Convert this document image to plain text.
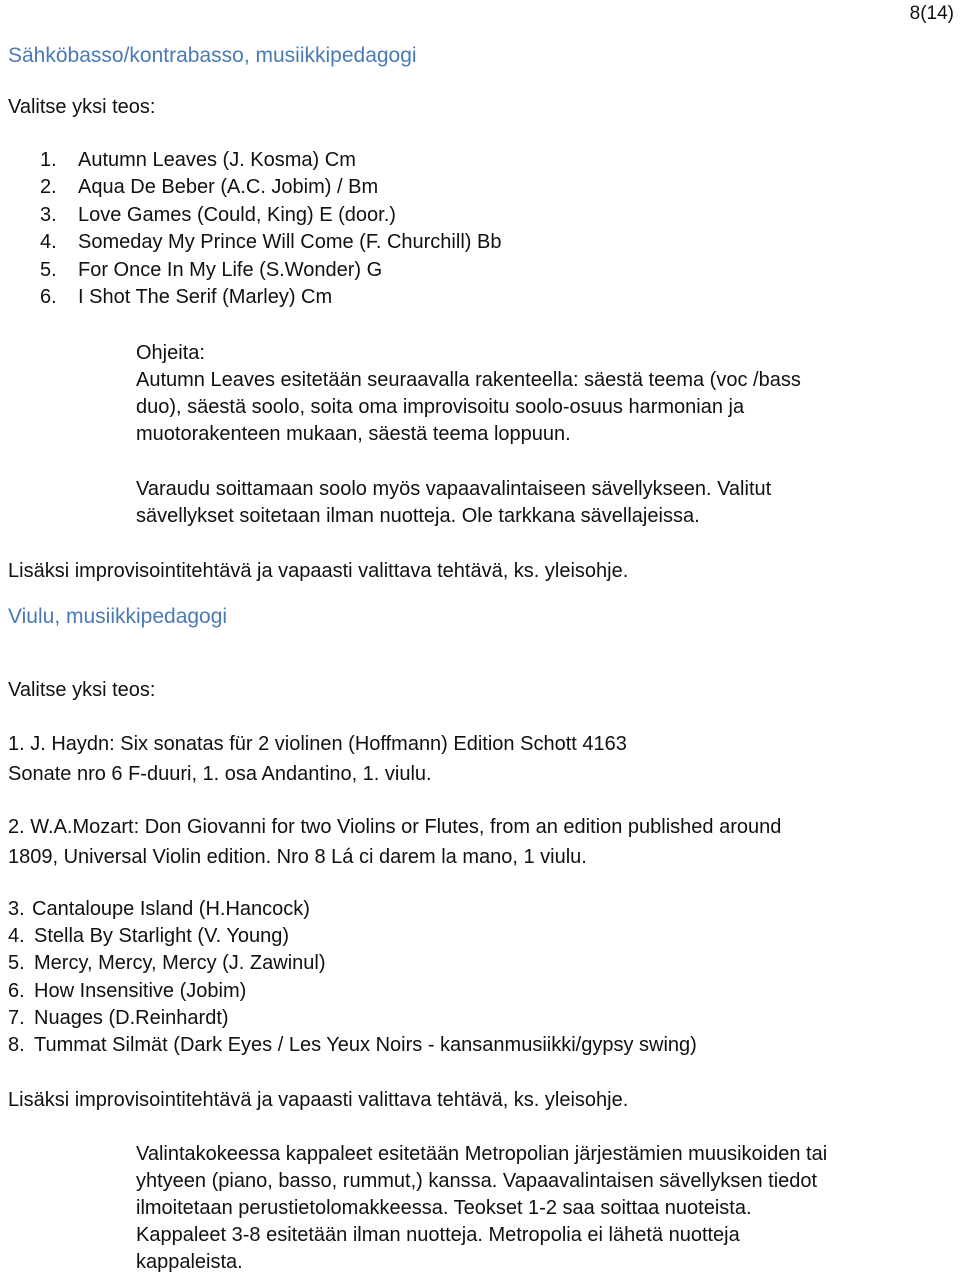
8(14)
Sähköbasso/kontrabasso, musiikkipedagogi
Valitse yksi teos:
1. Autumn Leaves (J. Kosma) Cm
2. Aqua De Beber (A.C. Jobim) / Bm
3. Love Games (Could, King) E (door.)
4. Someday My Prince Will Come (F. Churchill) Bb
5. For Once In My Life (S.Wonder) G
6. I Shot The Serif (Marley) Cm
Ohjeita:
Autumn Leaves esitetään seuraavalla rakenteella: säestä teema (voc /bass
duo), säestä soolo, soita oma improvisoitu soolo-osuus harmonian ja
muotorakenteen mukaan, säestä teema loppuun.
Varaudu soittamaan soolo myös vapaavalintaiseen sävellykseen. Valitut
sävellykset soitetaan ilman nuotteja. Ole tarkkana sävellajeissa.
Lisäksi improvisointitehtävä ja vapaasti valittava tehtävä, ks. yleisohje.
Viulu, musiikkipedagogi
Valitse yksi teos:
1. J. Haydn: Six sonatas für 2 violinen (Hoffmann) Edition Schott 4163
Sonate nro 6 F-duuri, 1. osa Andantino, 1. viulu.
2. W.A.Mozart: Don Giovanni for two Violins or Flutes, from an edition published around
1809, Universal Violin edition. Nro 8 Lá ci darem la mano, 1 viulu.
3. Cantaloupe Island (H.Hancock)
4. Stella By Starlight (V. Young)
5. Mercy, Mercy, Mercy (J. Zawinul)
6. How Insensitive (Jobim)
7. Nuages (D.Reinhardt)
8. Tummat Silmät (Dark Eyes / Les Yeux Noirs - kansanmusiikki/gypsy swing)
Lisäksi improvisointitehtävä ja vapaasti valittava tehtävä, ks. yleisohje.
Valintakokeessa kappaleet esitetään Metropolian järjestämien muusikoiden tai
yhtyeen (piano, basso, rummut,) kanssa. Vapaavalintaisen sävellyksen tiedot
ilmoitetaan perustietolomakkeessa. Teokset 1-2 saa soittaa nuoteista.
Kappaleet 3-8 esitetään ilman nuotteja. Metropolia ei lähetä nuotteja
kappaleista.
